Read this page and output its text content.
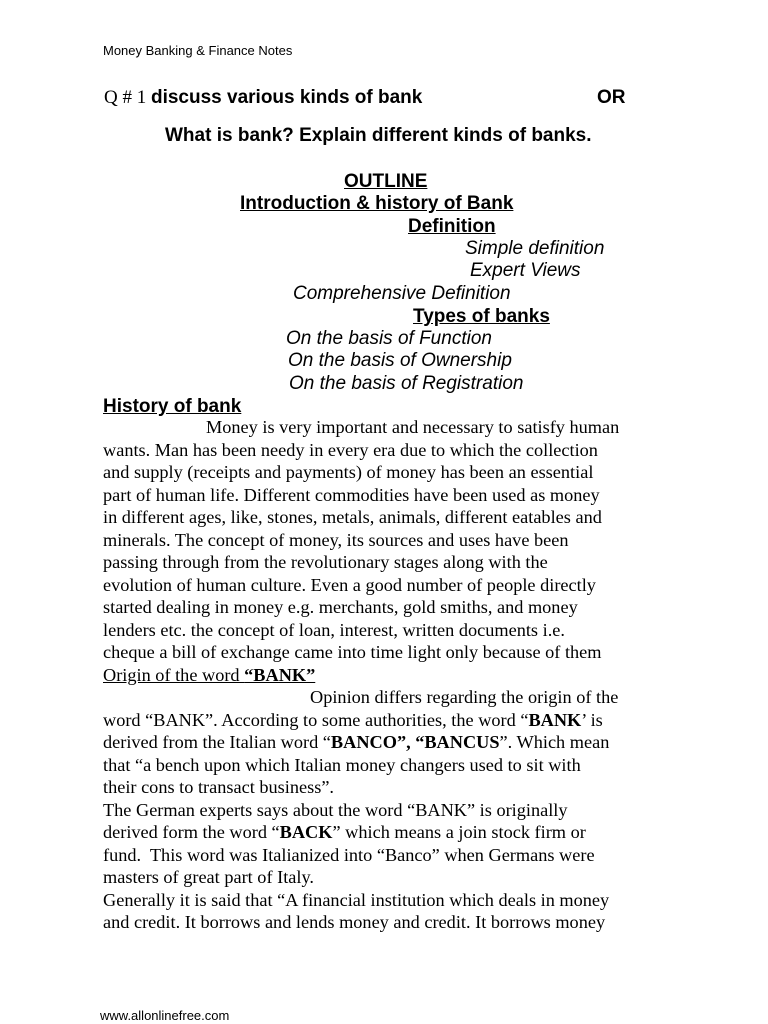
Money Banking & Finance Notes
Q # 1 discuss various kinds of bank	OR
What is bank? Explain different kinds of banks.
OUTLINE
Introduction & history of Bank
Definition
Simple definition
Expert Views
Comprehensive Definition
Types of banks
On the basis of Function
On the basis of Ownership
On the basis of Registration
History of bank

Money is very important and necessary to satisfy human

wants. Man has been needy in every era due to which the collection

and supply (receipts and payments) of money has been an essential

part of human life. Different commodities have been used as money

in different ages, like, stones, metals, animals, different eatables and

minerals. The concept of money, its sources and uses have been

passing through from the revolutionary stages along with the

evolution of human culture. Even a good number of people directly

started dealing in money e.g. merchants, gold smiths, and money

lenders etc. the concept of loan, interest, written documents i.e.

cheque a bill of exchange came into time light only because of them

Origin of the word “BANK”

Opinion differs regarding the origin of the

word “BANK”. According to some authorities, the word “BANK’ is

derived from the Italian word “BANCO”, “BANCUS”. Which mean

that “a bench upon which Italian money changers used to sit with

their cons to transact business”.

The German experts says about the word “BANK” is originally

derived form the word “BACK” which means a join stock firm or

fund.  This word was Italianized into “Banco” when Germans were

masters of great part of Italy.

Generally it is said that “A financial institution which deals in money

and credit. It borrows and lends money and credit. It borrows money

www.allonlinefree.com
